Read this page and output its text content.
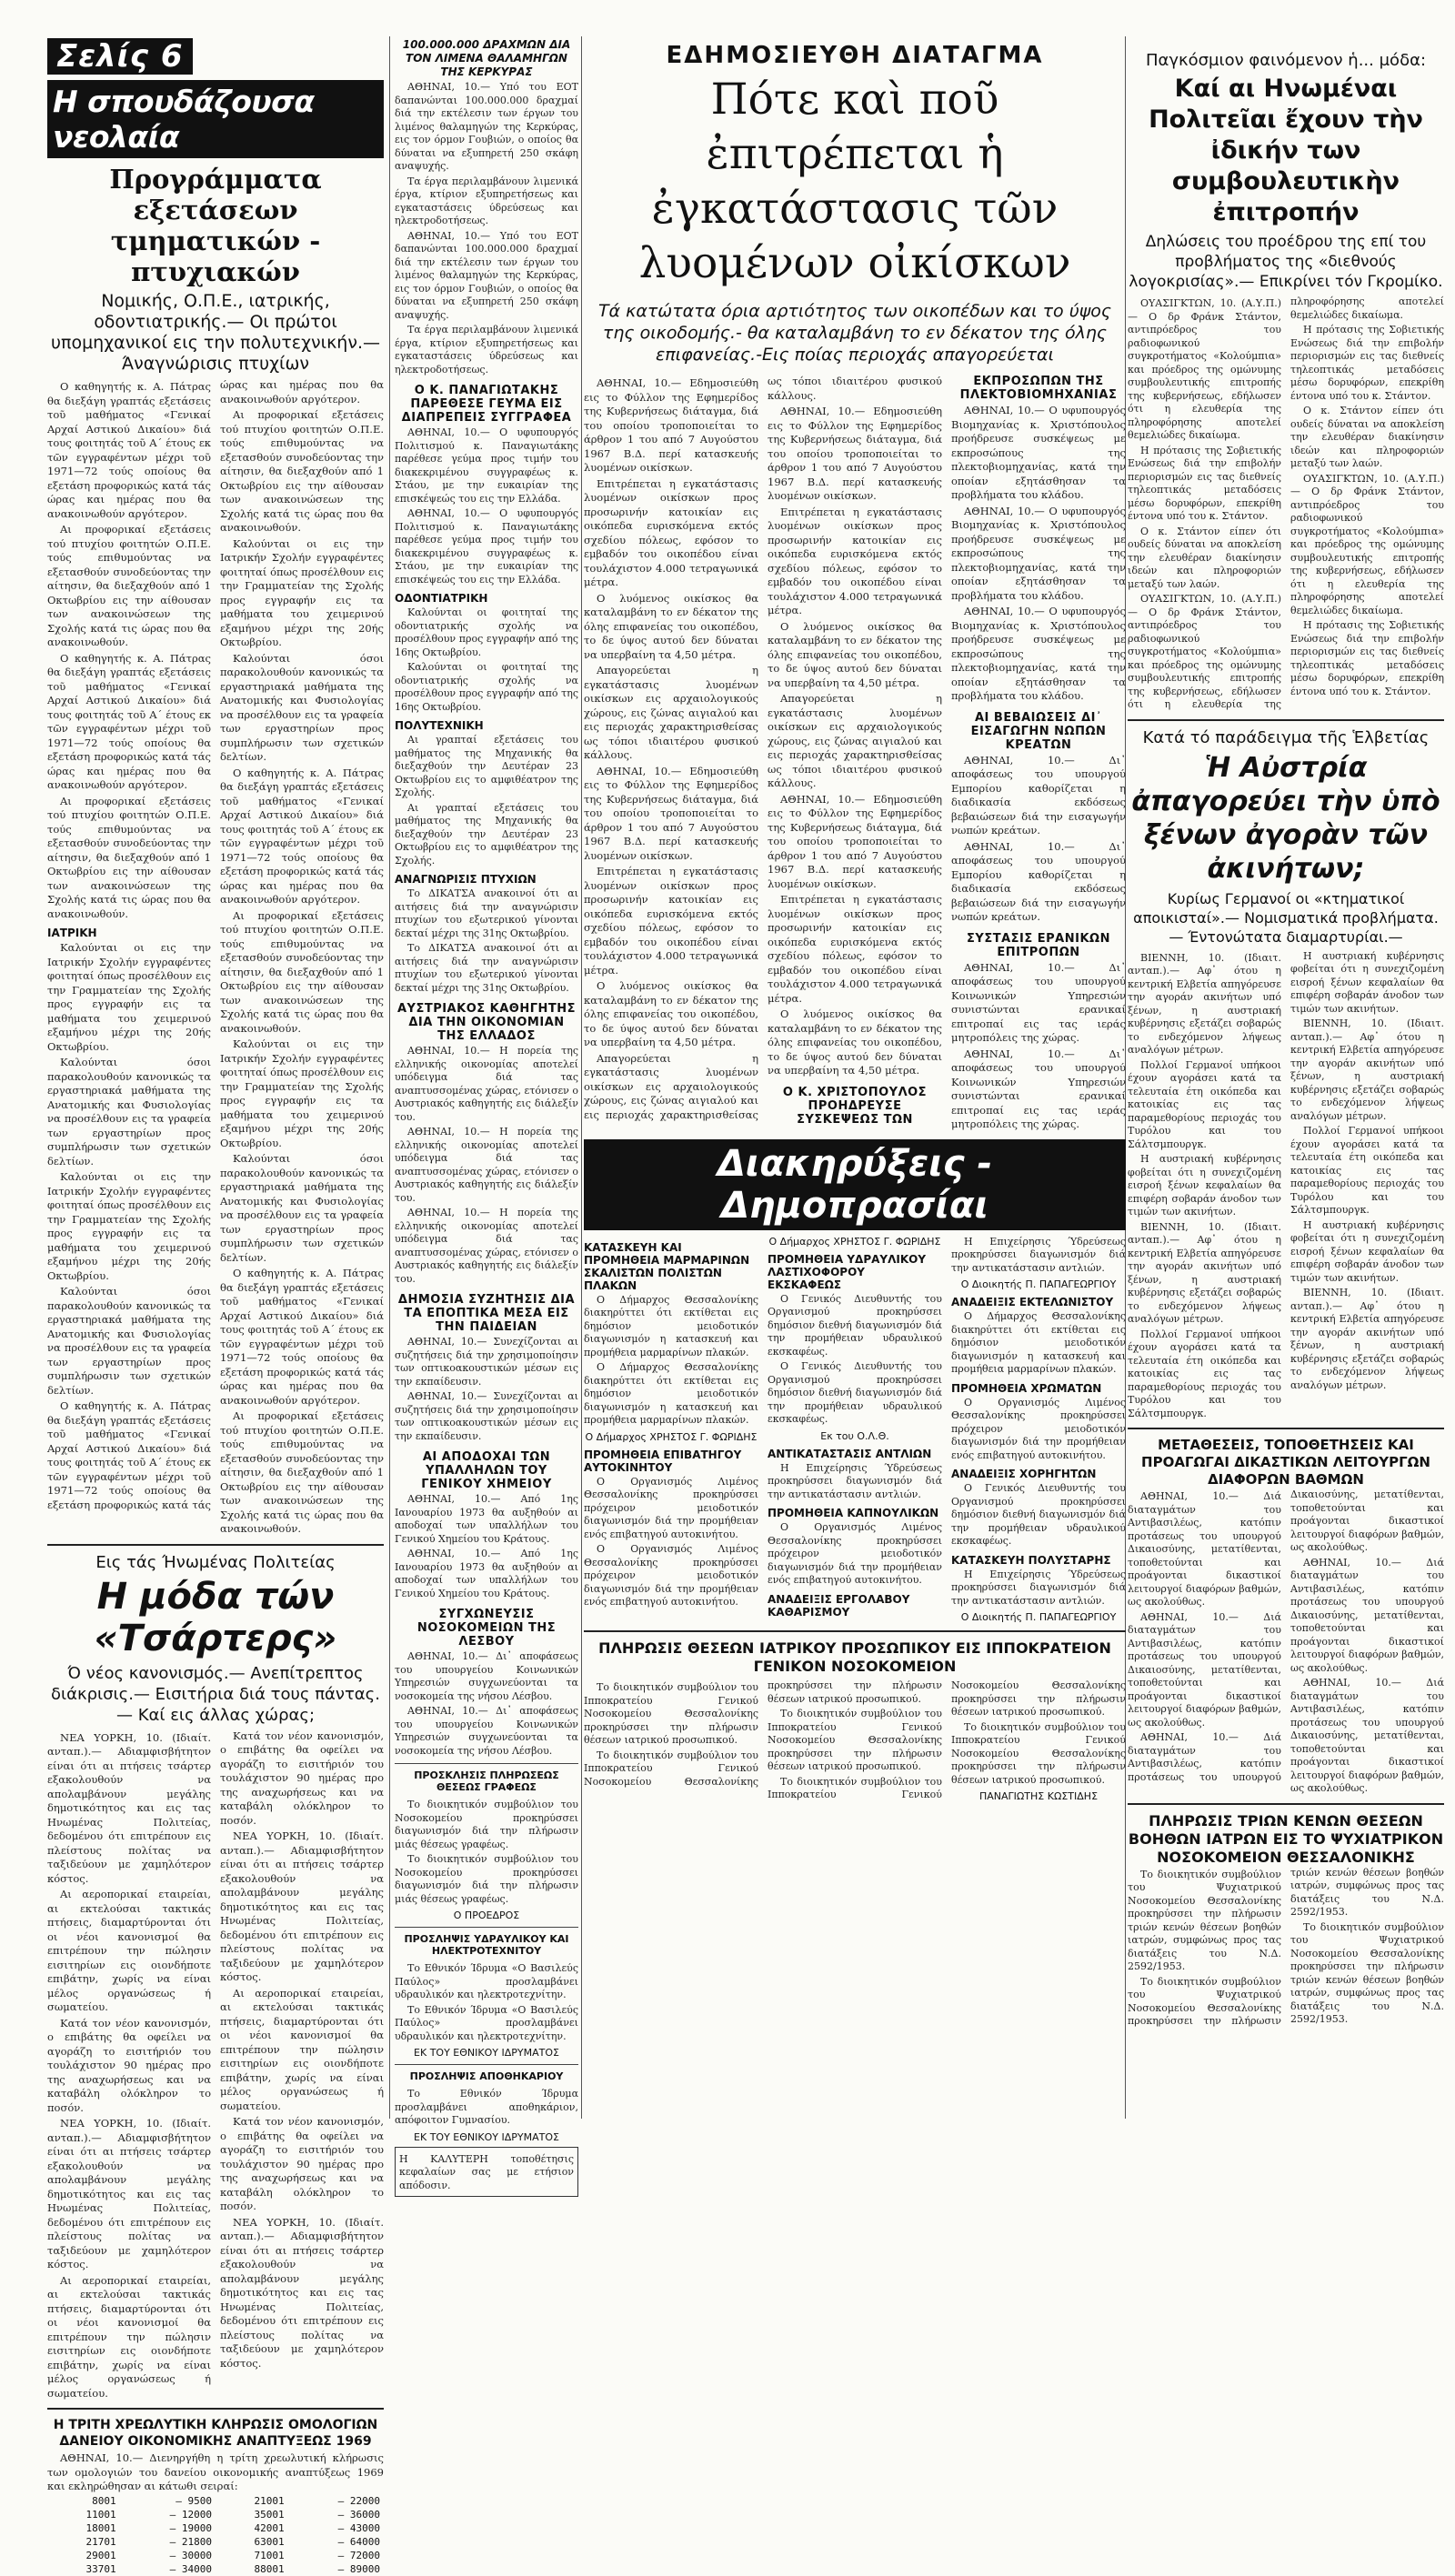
Σελίς 6
Η σπουδάζουσα νεολαία
Προγράμματα εξετάσεων τμηματικών - πτυχιακών

Νομικής, Ο.Π.Ε., ιατρικής, οδοντιατρικής.— Οι πρώτοι υπομηχανικοί εις την πολυτεχνικήν.— Άναγνώρισις πτυχίων

Ο καθηγητής κ. Α. Πάτρας θα διεξάγη γραπτάς εξετάσεις τοῦ μαθήματος «Γενικαί Αρχαί Αστικού Δικαίου» διά τους φοιτητάς τοῦ Α΄ έτους εκ τῶν εγγραφέντων μέχρι τοῦ 1971—72 τούς οποίους θα εξετάση προφορικώς κατά τάς ώρας και ημέρας που θα ανακοινωθούν αργότερον.

Αι προφορικαί εξετάσεις τού πτυχίου φοιτητών Ο.Π.Ε. τούς επιθυμούντας να εξετασθούν συνοδεύοντας την αίτησιν, θα διεξαχθούν από 1 Οκτωβρίου εις την αίθουσαν των ανακοινώσεων της Σχολής κατά τις ώρας που θα ανακοινωθούν.

Ο καθηγητής κ. Α. Πάτρας θα διεξάγη γραπτάς εξετάσεις τοῦ μαθήματος «Γενικαί Αρχαί Αστικού Δικαίου» διά τους φοιτητάς τοῦ Α΄ έτους εκ τῶν εγγραφέντων μέχρι τοῦ 1971—72 τούς οποίους θα εξετάση προφορικώς κατά τάς ώρας και ημέρας που θα ανακοινωθούν αργότερον.

Αι προφορικαί εξετάσεις τού πτυχίου φοιτητών Ο.Π.Ε. τούς επιθυμούντας να εξετασθούν συνοδεύοντας την αίτησιν, θα διεξαχθούν από 1 Οκτωβρίου εις την αίθουσαν των ανακοινώσεων της Σχολής κατά τις ώρας που θα ανακοινωθούν.

ΙΑΤΡΙΚΗ

Καλούνται οι εις την Ιατρικήν Σχολήν εγγραφέντες φοιτηταί όπως προσέλθουν εις την Γραμματείαν της Σχολής προς εγγραφήν εις τα μαθήματα του χειμερινού εξαμήνου μέχρι της 20ής Οκτωβρίου.

Καλούνται όσοι παρακολουθούν κανονικώς τα εργαστηριακά μαθήματα της Ανατομικής και Φυσιολογίας να προσέλθουν εις τα γραφεία των εργαστηρίων προς συμπλήρωσιν των σχετικών δελτίων.

Καλούνται οι εις την Ιατρικήν Σχολήν εγγραφέντες φοιτηταί όπως προσέλθουν εις την Γραμματείαν της Σχολής προς εγγραφήν εις τα μαθήματα του χειμερινού εξαμήνου μέχρι της 20ής Οκτωβρίου.

Καλούνται όσοι παρακολουθούν κανονικώς τα εργαστηριακά μαθήματα της Ανατομικής και Φυσιολογίας να προσέλθουν εις τα γραφεία των εργαστηρίων προς συμπλήρωσιν των σχετικών δελτίων.

Ο καθηγητής κ. Α. Πάτρας θα διεξάγη γραπτάς εξετάσεις τοῦ μαθήματος «Γενικαί Αρχαί Αστικού Δικαίου» διά τους φοιτητάς τοῦ Α΄ έτους εκ τῶν εγγραφέντων μέχρι τοῦ 1971—72 τούς οποίους θα εξετάση προφορικώς κατά τάς ώρας και ημέρας που θα ανακοινωθούν αργότερον.

Αι προφορικαί εξετάσεις τού πτυχίου φοιτητών Ο.Π.Ε. τούς επιθυμούντας να εξετασθούν συνοδεύοντας την αίτησιν, θα διεξαχθούν από 1 Οκτωβρίου εις την αίθουσαν των ανακοινώσεων της Σχολής κατά τις ώρας που θα ανακοινωθούν.

Καλούνται οι εις την Ιατρικήν Σχολήν εγγραφέντες φοιτηταί όπως προσέλθουν εις την Γραμματείαν της Σχολής προς εγγραφήν εις τα μαθήματα του χειμερινού εξαμήνου μέχρι της 20ής Οκτωβρίου.

Καλούνται όσοι παρακολουθούν κανονικώς τα εργαστηριακά μαθήματα της Ανατομικής και Φυσιολογίας να προσέλθουν εις τα γραφεία των εργαστηρίων προς συμπλήρωσιν των σχετικών δελτίων.

Ο καθηγητής κ. Α. Πάτρας θα διεξάγη γραπτάς εξετάσεις τοῦ μαθήματος «Γενικαί Αρχαί Αστικού Δικαίου» διά τους φοιτητάς τοῦ Α΄ έτους εκ τῶν εγγραφέντων μέχρι τοῦ 1971—72 τούς οποίους θα εξετάση προφορικώς κατά τάς ώρας και ημέρας που θα ανακοινωθούν αργότερον.

Αι προφορικαί εξετάσεις τού πτυχίου φοιτητών Ο.Π.Ε. τούς επιθυμούντας να εξετασθούν συνοδεύοντας την αίτησιν, θα διεξαχθούν από 1 Οκτωβρίου εις την αίθουσαν των ανακοινώσεων της Σχολής κατά τις ώρας που θα ανακοινωθούν.

Καλούνται οι εις την Ιατρικήν Σχολήν εγγραφέντες φοιτηταί όπως προσέλθουν εις την Γραμματείαν της Σχολής προς εγγραφήν εις τα μαθήματα του χειμερινού εξαμήνου μέχρι της 20ής Οκτωβρίου.

Καλούνται όσοι παρακολουθούν κανονικώς τα εργαστηριακά μαθήματα της Ανατομικής και Φυσιολογίας να προσέλθουν εις τα γραφεία των εργαστηρίων προς συμπλήρωσιν των σχετικών δελτίων.

Ο καθηγητής κ. Α. Πάτρας θα διεξάγη γραπτάς εξετάσεις τοῦ μαθήματος «Γενικαί Αρχαί Αστικού Δικαίου» διά τους φοιτητάς τοῦ Α΄ έτους εκ τῶν εγγραφέντων μέχρι τοῦ 1971—72 τούς οποίους θα εξετάση προφορικώς κατά τάς ώρας και ημέρας που θα ανακοινωθούν αργότερον.

Αι προφορικαί εξετάσεις τού πτυχίου φοιτητών Ο.Π.Ε. τούς επιθυμούντας να εξετασθούν συνοδεύοντας την αίτησιν, θα διεξαχθούν από 1 Οκτωβρίου εις την αίθουσαν των ανακοινώσεων της Σχολής κατά τις ώρας που θα ανακοινωθούν.

Εις τάς Ήνωμένας Πολιτείας

Η μόδα τών «Τσάρτερς»

Ό νέος κανονισμός.— Ανεπίτρεπτος διάκρισις.— Εισιτήρια διά τους πάντας.— Καί εις άλλας χώρας;

ΝΕΑ ΥΟΡΚΗ, 10. (Ιδιαίτ. ανταπ.).— Αδιαμφισβήτητον είναι ότι αι πτήσεις τσάρτερ εξακολουθούν να απολαμβάνουν μεγάλης δημοτικότητος και εις τας Ηνωμένας Πολιτείας, δεδομένου ότι επιτρέπουν εις πλείστους πολίτας να ταξιδεύουν με χαμηλότερον κόστος.

Αι αεροπορικαί εταιρείαι, αι εκτελούσαι τακτικάς πτήσεις, διαμαρτύρονται ότι οι νέοι κανονισμοί θα επιτρέπουν την πώλησιν εισιτηρίων εις οιονδήποτε επιβάτην, χωρίς να είναι μέλος οργανώσεως ή σωματείου.

Κατά τον νέον κανονισμόν, ο επιβάτης θα οφείλει να αγοράζη το εισιτήριόν του τουλάχιστον 90 ημέρας προ της αναχωρήσεως και να καταβάλη ολόκληρον το ποσόν.

ΝΕΑ ΥΟΡΚΗ, 10. (Ιδιαίτ. ανταπ.).— Αδιαμφισβήτητον είναι ότι αι πτήσεις τσάρτερ εξακολουθούν να απολαμβάνουν μεγάλης δημοτικότητος και εις τας Ηνωμένας Πολιτείας, δεδομένου ότι επιτρέπουν εις πλείστους πολίτας να ταξιδεύουν με χαμηλότερον κόστος.

Αι αεροπορικαί εταιρείαι, αι εκτελούσαι τακτικάς πτήσεις, διαμαρτύρονται ότι οι νέοι κανονισμοί θα επιτρέπουν την πώλησιν εισιτηρίων εις οιονδήποτε επιβάτην, χωρίς να είναι μέλος οργανώσεως ή σωματείου.

Κατά τον νέον κανονισμόν, ο επιβάτης θα οφείλει να αγοράζη το εισιτήριόν του τουλάχιστον 90 ημέρας προ της αναχωρήσεως και να καταβάλη ολόκληρον το ποσόν.

ΝΕΑ ΥΟΡΚΗ, 10. (Ιδιαίτ. ανταπ.).— Αδιαμφισβήτητον είναι ότι αι πτήσεις τσάρτερ εξακολουθούν να απολαμβάνουν μεγάλης δημοτικότητος και εις τας Ηνωμένας Πολιτείας, δεδομένου ότι επιτρέπουν εις πλείστους πολίτας να ταξιδεύουν με χαμηλότερον κόστος.

Αι αεροπορικαί εταιρείαι, αι εκτελούσαι τακτικάς πτήσεις, διαμαρτύρονται ότι οι νέοι κανονισμοί θα επιτρέπουν την πώλησιν εισιτηρίων εις οιονδήποτε επιβάτην, χωρίς να είναι μέλος οργανώσεως ή σωματείου.

Κατά τον νέον κανονισμόν, ο επιβάτης θα οφείλει να αγοράζη το εισιτήριόν του τουλάχιστον 90 ημέρας προ της αναχωρήσεως και να καταβάλη ολόκληρον το ποσόν.

ΝΕΑ ΥΟΡΚΗ, 10. (Ιδιαίτ. ανταπ.).— Αδιαμφισβήτητον είναι ότι αι πτήσεις τσάρτερ εξακολουθούν να απολαμβάνουν μεγάλης δημοτικότητος και εις τας Ηνωμένας Πολιτείας, δεδομένου ότι επιτρέπουν εις πλείστους πολίτας να ταξιδεύουν με χαμηλότερον κόστος.

Η ΤΡΙΤΗ ΧΡΕΩΛΥΤΙΚΗ ΚΛΗΡΩΣΙΣ ΟΜΟΛΟΓΙΩΝ ΔΑΝΕΙΟΥ ΟΙΚΟΝΟΜΙΚΗΣ ΑΝΑΠΤΥΞΕΩΣ 1969

ΑΘΗΝΑΙ, 10.— Διενηργήθη η τρίτη χρεωλυτική κλήρωσις των ομολογιών του δανείου οικονομικής αναπτύξεως 1969 και εκληρώθησαν αι κάτωθι σειραί:

8001	— 9500	21001	— 22000
11001	— 12000	35001	— 36000
18001	— 19000	42001	— 43000
21701	— 21800	63001	— 64000
29001	— 30000	71001	— 72000
33701	— 34000	88001	— 89000
100.000.000 ΔΡΑΧΜΩΝ ΔΙΑ ΤΟΝ ΛΙΜΕΝΑ ΘΑΛΑΜΗΓΩΝ ΤΗΣ ΚΕΡΚΥΡΑΣ

ΑΘΗΝΑΙ, 10.— Υπό του ΕΟΤ δαπανώνται 100.000.000 δραχμαί διά την εκτέλεσιν των έργων του λιμένος θαλαμηγών της Κερκύρας, εις τον όρμον Γουβιών, ο οποίος θα δύναται να εξυπηρετή 250 σκάφη αναψυχής.

Τα έργα περιλαμβάνουν λιμενικά έργα, κτίριον εξυπηρετήσεως και εγκαταστάσεις ύδρεύσεως και ηλεκτροδοτήσεως.

ΑΘΗΝΑΙ, 10.— Υπό του ΕΟΤ δαπανώνται 100.000.000 δραχμαί διά την εκτέλεσιν των έργων του λιμένος θαλαμηγών της Κερκύρας, εις τον όρμον Γουβιών, ο οποίος θα δύναται να εξυπηρετή 250 σκάφη αναψυχής.

Τα έργα περιλαμβάνουν λιμενικά έργα, κτίριον εξυπηρετήσεως και εγκαταστάσεις ύδρεύσεως και ηλεκτροδοτήσεως.

Ο Κ. ΠΑΝΑΓΙΩΤΑΚΗΣ ΠΑΡΕΘΕΣΕ ΓΕΥΜΑ ΕΙΣ ΔΙΑΠΡΕΠΕΙΣ ΣΥΓΓΡΑΦΕΑ

ΑΘΗΝΑΙ, 10.— Ο υφυπουργός Πολιτισμού κ. Παναγιωτάκης παρέθεσε γεύμα προς τιμήν του διακεκριμένου συγγραφέως κ. Στάου, με την ευκαιρίαν της επισκέψεώς του εις την Ελλάδα.

ΑΘΗΝΑΙ, 10.— Ο υφυπουργός Πολιτισμού κ. Παναγιωτάκης παρέθεσε γεύμα προς τιμήν του διακεκριμένου συγγραφέως κ. Στάου, με την ευκαιρίαν της επισκέψεώς του εις την Ελλάδα.

ΟΔΟΝΤΙΑΤΡΙΚΗ

Καλούνται οι φοιτηταί της οδοντιατρικής σχολής να προσέλθουν προς εγγραφήν από της 16ης Οκτωβρίου.

Καλούνται οι φοιτηταί της οδοντιατρικής σχολής να προσέλθουν προς εγγραφήν από της 16ης Οκτωβρίου.

ΠΟΛΥΤΕΧΝΙΚΗ

Αι γραπταί εξετάσεις του μαθήματος της Μηχανικής θα διεξαχθούν την Δευτέραν 23 Οκτωβρίου εις το αμφιθέατρον της Σχολής.

Αι γραπταί εξετάσεις του μαθήματος της Μηχανικής θα διεξαχθούν την Δευτέραν 23 Οκτωβρίου εις το αμφιθέατρον της Σχολής.

ΑΝΑΓΝΩΡΙΣΙΣ ΠΤΥΧΙΩΝ

Το ΔΙΚΑΤΣΑ ανακοινοί ότι αι αιτήσεις διά την αναγνώρισιν πτυχίων του εξωτερικού γίνονται δεκταί μέχρι της 31ης Οκτωβρίου.

Το ΔΙΚΑΤΣΑ ανακοινοί ότι αι αιτήσεις διά την αναγνώρισιν πτυχίων του εξωτερικού γίνονται δεκταί μέχρι της 31ης Οκτωβρίου.

ΑΥΣΤΡΙΑΚΟΣ ΚΑΘΗΓΗΤΗΣ ΔΙΑ ΤΗΝ ΟΙΚΟΝΟΜΙΑΝ ΤΗΣ ΕΛΛΑΔΟΣ

ΑΘΗΝΑΙ, 10.— Η πορεία της ελληνικής οικονομίας αποτελεί υπόδειγμα διά τας αναπτυσσομένας χώρας, ετόνισεν ο Αυστριακός καθηγητής εις διάλεξίν του.

ΑΘΗΝΑΙ, 10.— Η πορεία της ελληνικής οικονομίας αποτελεί υπόδειγμα διά τας αναπτυσσομένας χώρας, ετόνισεν ο Αυστριακός καθηγητής εις διάλεξίν του.

ΑΘΗΝΑΙ, 10.— Η πορεία της ελληνικής οικονομίας αποτελεί υπόδειγμα διά τας αναπτυσσομένας χώρας, ετόνισεν ο Αυστριακός καθηγητής εις διάλεξίν του.

ΔΗΜΟΣΙΑ ΣΥΖΗΤΗΣΙΣ ΔΙΑ ΤΑ ΕΠΟΠΤΙΚΑ ΜΕΣΑ ΕΙΣ ΤΗΝ ΠΑΙΔΕΙΑΝ

ΑΘΗΝΑΙ, 10.— Συνεχίζονται αι συζητήσεις διά την χρησιμοποίησιν των οπτικοακουστικών μέσων εις την εκπαίδευσιν.

ΑΘΗΝΑΙ, 10.— Συνεχίζονται αι συζητήσεις διά την χρησιμοποίησιν των οπτικοακουστικών μέσων εις την εκπαίδευσιν.

ΑΙ ΑΠΟΔΟΧΑΙ ΤΩΝ ΥΠΑΛΛΗΛΩΝ ΤΟΥ ΓΕΝΙΚΟΥ ΧΗΜΕΙΟΥ

ΑΘΗΝΑΙ, 10.— Από 1ης Ιανουαρίου 1973 θα αυξηθούν αι αποδοχαί των υπαλλήλων του Γενικού Χημείου του Κράτους.

ΑΘΗΝΑΙ, 10.— Από 1ης Ιανουαρίου 1973 θα αυξηθούν αι αποδοχαί των υπαλλήλων του Γενικού Χημείου του Κράτους.

ΣΥΓΧΩΝΕΥΣΙΣ ΝΟΣΟΚΟΜΕΙΩΝ ΤΗΣ ΛΕΣΒΟΥ

ΑΘΗΝΑΙ, 10.— Δι᾿ αποφάσεως του υπουργείου Κοινωνικών Υπηρεσιών συγχωνεύονται τα νοσοκομεία της νήσου Λέσβου.

ΑΘΗΝΑΙ, 10.— Δι᾿ αποφάσεως του υπουργείου Κοινωνικών Υπηρεσιών συγχωνεύονται τα νοσοκομεία της νήσου Λέσβου.

ΠΡΟΣΚΛΗΣΙΣ ΠΛΗΡΩΣΕΩΣ ΘΕΣΕΩΣ ΓΡΑΦΕΩΣ

Το διοικητικόν συμβούλιον του Νοσοκομείου προκηρύσσει διαγωνισμόν διά την πλήρωσιν μιάς θέσεως γραφέως.

Το διοικητικόν συμβούλιον του Νοσοκομείου προκηρύσσει διαγωνισμόν διά την πλήρωσιν μιάς θέσεως γραφέως.

Ο ΠΡΟΕΔΡΟΣ

ΠΡΟΣΛΗΨΙΣ ΥΔΡΑΥΛΙΚΟΥ ΚΑΙ ΗΛΕΚΤΡΟΤΕΧΝΙΤΟΥ

Το Εθνικόν Ίδρυμα «Ο Βασιλεύς Παύλος» προσλαμβάνει υδραυλικόν και ηλεκτροτεχνίτην.

Το Εθνικόν Ίδρυμα «Ο Βασιλεύς Παύλος» προσλαμβάνει υδραυλικόν και ηλεκτροτεχνίτην.

ΕΚ ΤΟΥ ΕΘΝΙΚΟΥ ΙΔΡΥΜΑΤΟΣ

ΠΡΟΣΛΗΨΙΣ ΑΠΟΘΗΚΑΡΙΟΥ

Το Εθνικόν Ίδρυμα προσλαμβάνει αποθηκάριον, απόφοιτον Γυμνασίου.

ΕΚ ΤΟΥ ΕΘΝΙΚΟΥ ΙΔΡΥΜΑΤΟΣ

Η ΚΑΛΥΤΕΡΗ τοποθέτησις κεφαλαίων σας με ετήσιον απόδοσιν.

ΕΔΗΜΟΣΙΕΥΘΗ ΔΙΑΤΑΓΜΑ

Πότε καὶ ποῦ ἐπιτρέπεται ἡ ἐγκατάστασις τῶν λυομένων οἰκίσκων

Τά κατώτατα όρια αρτιότητος των οικοπέδων και το ύψος της οικοδομής.- θα καταλαμβάνη το εν δέκατον της όλης επιφανείας.-Εις ποίας περιοχάς απαγορεύεται

ΑΘΗΝΑΙ, 10.— Εδημοσιεύθη εις το Φύλλον της Εφημερίδος της Κυβερνήσεως διάταγμα, διά του οποίου τροποποιείται το άρθρον 1 του από 7 Αυγούστου 1967 Β.Δ. περί κατασκευής λυομένων οικίσκων.

Επιτρέπεται η εγκατάστασις λυομένων οικίσκων προς προσωρινήν κατοικίαν εις οικόπεδα ευρισκόμενα εκτός σχεδίου πόλεως, εφόσον το εμβαδόν του οικοπέδου είναι τουλάχιστον 4.000 τετραγωνικά μέτρα.

Ο λυόμενος οικίσκος θα καταλαμβάνη το εν δέκατον της όλης επιφανείας του οικοπέδου, το δε ύψος αυτού δεν δύναται να υπερβαίνη τα 4,50 μέτρα.

Απαγορεύεται η εγκατάστασις λυομένων οικίσκων εις αρχαιολογικούς χώρους, εις ζώνας αιγιαλού και εις περιοχάς χαρακτηρισθείσας ως τόποι ιδιαιτέρου φυσικού κάλλους.

ΑΘΗΝΑΙ, 10.— Εδημοσιεύθη εις το Φύλλον της Εφημερίδος της Κυβερνήσεως διάταγμα, διά του οποίου τροποποιείται το άρθρον 1 του από 7 Αυγούστου 1967 Β.Δ. περί κατασκευής λυομένων οικίσκων.

Επιτρέπεται η εγκατάστασις λυομένων οικίσκων προς προσωρινήν κατοικίαν εις οικόπεδα ευρισκόμενα εκτός σχεδίου πόλεως, εφόσον το εμβαδόν του οικοπέδου είναι τουλάχιστον 4.000 τετραγωνικά μέτρα.

Ο λυόμενος οικίσκος θα καταλαμβάνη το εν δέκατον της όλης επιφανείας του οικοπέδου, το δε ύψος αυτού δεν δύναται να υπερβαίνη τα 4,50 μέτρα.

Απαγορεύεται η εγκατάστασις λυομένων οικίσκων εις αρχαιολογικούς χώρους, εις ζώνας αιγιαλού και εις περιοχάς χαρακτηρισθείσας ως τόποι ιδιαιτέρου φυσικού κάλλους.

ΑΘΗΝΑΙ, 10.— Εδημοσιεύθη εις το Φύλλον της Εφημερίδος της Κυβερνήσεως διάταγμα, διά του οποίου τροποποιείται το άρθρον 1 του από 7 Αυγούστου 1967 Β.Δ. περί κατασκευής λυομένων οικίσκων.

Επιτρέπεται η εγκατάστασις λυομένων οικίσκων προς προσωρινήν κατοικίαν εις οικόπεδα ευρισκόμενα εκτός σχεδίου πόλεως, εφόσον το εμβαδόν του οικοπέδου είναι τουλάχιστον 4.000 τετραγωνικά μέτρα.

Ο λυόμενος οικίσκος θα καταλαμβάνη το εν δέκατον της όλης επιφανείας του οικοπέδου, το δε ύψος αυτού δεν δύναται να υπερβαίνη τα 4,50 μέτρα.

Απαγορεύεται η εγκατάστασις λυομένων οικίσκων εις αρχαιολογικούς χώρους, εις ζώνας αιγιαλού και εις περιοχάς χαρακτηρισθείσας ως τόποι ιδιαιτέρου φυσικού κάλλους.

ΑΘΗΝΑΙ, 10.— Εδημοσιεύθη εις το Φύλλον της Εφημερίδος της Κυβερνήσεως διάταγμα, διά του οποίου τροποποιείται το άρθρον 1 του από 7 Αυγούστου 1967 Β.Δ. περί κατασκευής λυομένων οικίσκων.

Επιτρέπεται η εγκατάστασις λυομένων οικίσκων προς προσωρινήν κατοικίαν εις οικόπεδα ευρισκόμενα εκτός σχεδίου πόλεως, εφόσον το εμβαδόν του οικοπέδου είναι τουλάχιστον 4.000 τετραγωνικά μέτρα.

Ο λυόμενος οικίσκος θα καταλαμβάνη το εν δέκατον της όλης επιφανείας του οικοπέδου, το δε ύψος αυτού δεν δύναται να υπερβαίνη τα 4,50 μέτρα.

Ο Κ. ΧΡΙΣΤΟΠΟΥΛΟΣ ΠΡΟΗΔΡΕΥΣΕ ΣΥΣΚΕΨΕΩΣ ΤΩΝ ΕΚΠΡΟΣΩΠΩΝ ΤΗΣ ΠΛΕΚΤΟΒΙΟΜΗΧΑΝΙΑΣ

ΑΘΗΝΑΙ, 10.— Ο υφυπουργός Βιομηχανίας κ. Χριστόπουλος προήδρευσε συσκέψεως με εκπροσώπους της πλεκτοβιομηχανίας, κατά την οποίαν εξητάσθησαν τα προβλήματα του κλάδου.

ΑΘΗΝΑΙ, 10.— Ο υφυπουργός Βιομηχανίας κ. Χριστόπουλος προήδρευσε συσκέψεως με εκπροσώπους της πλεκτοβιομηχανίας, κατά την οποίαν εξητάσθησαν τα προβλήματα του κλάδου.

ΑΘΗΝΑΙ, 10.— Ο υφυπουργός Βιομηχανίας κ. Χριστόπουλος προήδρευσε συσκέψεως με εκπροσώπους της πλεκτοβιομηχανίας, κατά την οποίαν εξητάσθησαν τα προβλήματα του κλάδου.

ΑΙ ΒΕΒΑΙΩΣΕΙΣ ΔΙ᾿ ΕΙΣΑΓΩΓΗΝ ΝΩΠΩΝ ΚΡΕΑΤΩΝ

ΑΘΗΝΑΙ, 10.— Δι᾿ αποφάσεως του υπουργού Εμπορίου καθορίζεται η διαδικασία εκδόσεως βεβαιώσεων διά την εισαγωγήν νωπών κρεάτων.

ΑΘΗΝΑΙ, 10.— Δι᾿ αποφάσεως του υπουργού Εμπορίου καθορίζεται η διαδικασία εκδόσεως βεβαιώσεων διά την εισαγωγήν νωπών κρεάτων.

ΣΥΣΤΑΣΙΣ ΕΡΑΝΙΚΩΝ ΕΠΙΤΡΟΠΩΝ

ΑΘΗΝΑΙ, 10.— Δι᾿ αποφάσεως του υπουργού Κοινωνικών Υπηρεσιών συνιστώνται ερανικαί επιτροπαί εις τας ιεράς μητροπόλεις της χώρας.

ΑΘΗΝΑΙ, 10.— Δι᾿ αποφάσεως του υπουργού Κοινωνικών Υπηρεσιών συνιστώνται ερανικαί επιτροπαί εις τας ιεράς μητροπόλεις της χώρας.

Διακηρύξεις - Δημοπρασίαι

ΚΑΤΑΣΚΕΥΗ ΚΑΙ ΠΡΟΜΗΘΕΙΑ ΜΑΡΜΑΡΙΝΩΝ ΣΚΑΛΙΣΤΩΝ ΠΟΛΙΣΤΩΝ ΠΛΑΚΩΝ

Ο Δήμαρχος Θεσσαλονίκης διακηρύττει ότι εκτίθεται εις δημόσιον μειοδοτικόν διαγωνισμόν η κατασκευή και προμήθεια μαρμαρίνων πλακών.

Ο Δήμαρχος Θεσσαλονίκης διακηρύττει ότι εκτίθεται εις δημόσιον μειοδοτικόν διαγωνισμόν η κατασκευή και προμήθεια μαρμαρίνων πλακών.

Ο Δήμαρχος ΧΡΗΣΤΟΣ Γ. ΦΩΡΙΔΗΣ

ΠΡΟΜΗΘΕΙΑ ΕΠΙΒΑΤΗΓΟΥ ΑΥΤΟΚΙΝΗΤΟΥ

Ο Οργανισμός Λιμένος Θεσσαλονίκης προκηρύσσει πρόχειρον μειοδοτικόν διαγωνισμόν διά την προμήθειαν ενός επιβατηγού αυτοκινήτου.

Ο Οργανισμός Λιμένος Θεσσαλονίκης προκηρύσσει πρόχειρον μειοδοτικόν διαγωνισμόν διά την προμήθειαν ενός επιβατηγού αυτοκινήτου.

Ο Δήμαρχος ΧΡΗΣΤΟΣ Γ. ΦΩΡΙΔΗΣ

ΠΡΟΜΗΘΕΙΑ ΥΔΡΑΥΛΙΚΟΥ ΛΑΣΤΙΧΟΦΟΡΟΥ ΕΚΣΚΑΦΕΩΣ

Ο Γενικός Διευθυντής του Οργανισμού προκηρύσσει δημόσιον διεθνή διαγωνισμόν διά την προμήθειαν υδραυλικού εκσκαφέως.

Ο Γενικός Διευθυντής του Οργανισμού προκηρύσσει δημόσιον διεθνή διαγωνισμόν διά την προμήθειαν υδραυλικού εκσκαφέως.

Εκ του Ο.Λ.Θ.

ΑΝΤΙΚΑΤΑΣΤΑΣΙΣ ΑΝΤΛΙΩΝ

Η Επιχείρησις Ύδρεύσεως προκηρύσσει διαγωνισμόν διά την αντικατάστασιν αντλιών.

ΠΡΟΜΗΘΕΙΑ ΚΑΠΝΟΥΛΙΚΩΝ

Ο Οργανισμός Λιμένος Θεσσαλονίκης προκηρύσσει πρόχειρον μειοδοτικόν διαγωνισμόν διά την προμήθειαν ενός επιβατηγού αυτοκινήτου.

ΑΝΑΔΕΙΞΙΣ ΕΡΓΟΛΑΒΟΥ ΚΑΘΑΡΙΣΜΟΥ

Η Επιχείρησις Ύδρεύσεως προκηρύσσει διαγωνισμόν διά την αντικατάστασιν αντλιών.

Ο Διοικητής Π. ΠΑΠΑΓΕΩΡΓΙΟΥ

ΑΝΑΔΕΙΞΙΣ ΕΚΤΕΛΩΝΙΣΤΟΥ

Ο Δήμαρχος Θεσσαλονίκης διακηρύττει ότι εκτίθεται εις δημόσιον μειοδοτικόν διαγωνισμόν η κατασκευή και προμήθεια μαρμαρίνων πλακών.

ΠΡΟΜΗΘΕΙΑ ΧΡΩΜΑΤΩΝ

Ο Οργανισμός Λιμένος Θεσσαλονίκης προκηρύσσει πρόχειρον μειοδοτικόν διαγωνισμόν διά την προμήθειαν ενός επιβατηγού αυτοκινήτου.

ΑΝΑΔΕΙΞΙΣ ΧΟΡΗΓΗΤΩΝ

Ο Γενικός Διευθυντής του Οργανισμού προκηρύσσει δημόσιον διεθνή διαγωνισμόν διά την προμήθειαν υδραυλικού εκσκαφέως.

ΚΑΤΑΣΚΕΥΗ ΠΟΛΥΣΤΑΡΗΣ

Η Επιχείρησις Ύδρεύσεως προκηρύσσει διαγωνισμόν διά την αντικατάστασιν αντλιών.

Ο Διοικητής Π. ΠΑΠΑΓΕΩΡΓΙΟΥ

ΠΛΗΡΩΣΙΣ ΘΕΣΕΩΝ ΙΑΤΡΙΚΟΥ ΠΡΟΣΩΠΙΚΟΥ ΕΙΣ ΙΠΠΟΚΡΑΤΕΙΟΝ ΓΕΝΙΚΟΝ ΝΟΣΟΚΟΜΕΙΟΝ

Το διοικητικόν συμβούλιον του Ιπποκρατείου Γενικού Νοσοκομείου Θεσσαλονίκης προκηρύσσει την πλήρωσιν θέσεων ιατρικού προσωπικού.

Το διοικητικόν συμβούλιον του Ιπποκρατείου Γενικού Νοσοκομείου Θεσσαλονίκης προκηρύσσει την πλήρωσιν θέσεων ιατρικού προσωπικού.

Το διοικητικόν συμβούλιον του Ιπποκρατείου Γενικού Νοσοκομείου Θεσσαλονίκης προκηρύσσει την πλήρωσιν θέσεων ιατρικού προσωπικού.

Το διοικητικόν συμβούλιον του Ιπποκρατείου Γενικού Νοσοκομείου Θεσσαλονίκης προκηρύσσει την πλήρωσιν θέσεων ιατρικού προσωπικού.

Το διοικητικόν συμβούλιον του Ιπποκρατείου Γενικού Νοσοκομείου Θεσσαλονίκης προκηρύσσει την πλήρωσιν θέσεων ιατρικού προσωπικού.

ΠΑΝΑΓΙΩΤΗΣ ΚΩΣΤΙΔΗΣ

Παγκόσμιον φαινόμενον ἡ... μόδα:

Καί αι Ηνωμέναι Πολιτεῖαι ἔχουν τὴν ἰδικήν των συμβουλευτικὴν ἐπιτροπήν

Δηλώσεις του προέδρου της επί του προβλήματος της «διεθνούς λογοκρισίας».— Επικρίνει τόν Γκρομίκο.

ΟΥΑΣΙΓΚΤΩΝ, 10. (Α.Υ.Π.)— Ο δρ Φράνκ Στάντον, αντιπρόεδρος του ραδιοφωνικού συγκροτήματος «Κολούμπια» και πρόεδρος της ομώνυμης συμβουλευτικής επιτροπής της κυβερνήσεως, εδήλωσεν ότι η ελευθερία της πληροφόρησης αποτελεί θεμελιώδες δικαίωμα.

Η πρότασις της Σοβιετικής Ενώσεως διά την επιβολήν περιορισμών εις τας διεθνείς τηλεοπτικάς μεταδόσεις μέσω δορυφόρων, επεκρίθη έντονα υπό του κ. Στάντον.

Ο κ. Στάντον είπεν ότι ουδείς δύναται να αποκλείση την ελευθέραν διακίνησιν ιδεών και πληροφοριών μεταξύ των λαών.

ΟΥΑΣΙΓΚΤΩΝ, 10. (Α.Υ.Π.)— Ο δρ Φράνκ Στάντον, αντιπρόεδρος του ραδιοφωνικού συγκροτήματος «Κολούμπια» και πρόεδρος της ομώνυμης συμβουλευτικής επιτροπής της κυβερνήσεως, εδήλωσεν ότι η ελευθερία της πληροφόρησης αποτελεί θεμελιώδες δικαίωμα.

Η πρότασις της Σοβιετικής Ενώσεως διά την επιβολήν περιορισμών εις τας διεθνείς τηλεοπτικάς μεταδόσεις μέσω δορυφόρων, επεκρίθη έντονα υπό του κ. Στάντον.

Ο κ. Στάντον είπεν ότι ουδείς δύναται να αποκλείση την ελευθέραν διακίνησιν ιδεών και πληροφοριών μεταξύ των λαών.

ΟΥΑΣΙΓΚΤΩΝ, 10. (Α.Υ.Π.)— Ο δρ Φράνκ Στάντον, αντιπρόεδρος του ραδιοφωνικού συγκροτήματος «Κολούμπια» και πρόεδρος της ομώνυμης συμβουλευτικής επιτροπής της κυβερνήσεως, εδήλωσεν ότι η ελευθερία της πληροφόρησης αποτελεί θεμελιώδες δικαίωμα.

Η πρότασις της Σοβιετικής Ενώσεως διά την επιβολήν περιορισμών εις τας διεθνείς τηλεοπτικάς μεταδόσεις μέσω δορυφόρων, επεκρίθη έντονα υπό του κ. Στάντον.

Κατά τό παράδειγμα τῆς Ἑλβετίας

Ἡ Αὐστρία ἀπαγορεύει τὴν ὑπὸ ξένων ἀγορὰν τῶν ἀκινήτων;

Κυρίως Γερμανοί οι «κτηματικοί αποικισταί».— Νομισματικά προβλήματα.— Έντονώτατα διαμαρτυρίαι.—

ΒΙΕΝΝΗ, 10. (Ιδιαιτ. ανταπ.).— Αφ᾿ ότου η κεντρική Ελβετία απηγόρευσε την αγοράν ακινήτων υπό ξένων, η αυστριακή κυβέρνησις εξετάζει σοβαρώς το ενδεχόμενον λήψεως αναλόγων μέτρων.

Πολλοί Γερμανοί υπήκοοι έχουν αγοράσει κατά τα τελευταία έτη οικόπεδα και κατοικίας εις τας παραμεθορίους περιοχάς του Τυρόλου και του Σάλτσμπουργκ.

Η αυστριακή κυβέρνησις φοβείται ότι η συνεχιζομένη εισροή ξένων κεφαλαίων θα επιφέρη σοβαράν άνοδον των τιμών των ακινήτων.

ΒΙΕΝΝΗ, 10. (Ιδιαιτ. ανταπ.).— Αφ᾿ ότου η κεντρική Ελβετία απηγόρευσε την αγοράν ακινήτων υπό ξένων, η αυστριακή κυβέρνησις εξετάζει σοβαρώς το ενδεχόμενον λήψεως αναλόγων μέτρων.

Πολλοί Γερμανοί υπήκοοι έχουν αγοράσει κατά τα τελευταία έτη οικόπεδα και κατοικίας εις τας παραμεθορίους περιοχάς του Τυρόλου και του Σάλτσμπουργκ.

Η αυστριακή κυβέρνησις φοβείται ότι η συνεχιζομένη εισροή ξένων κεφαλαίων θα επιφέρη σοβαράν άνοδον των τιμών των ακινήτων.

ΒΙΕΝΝΗ, 10. (Ιδιαιτ. ανταπ.).— Αφ᾿ ότου η κεντρική Ελβετία απηγόρευσε την αγοράν ακινήτων υπό ξένων, η αυστριακή κυβέρνησις εξετάζει σοβαρώς το ενδεχόμενον λήψεως αναλόγων μέτρων.

Πολλοί Γερμανοί υπήκοοι έχουν αγοράσει κατά τα τελευταία έτη οικόπεδα και κατοικίας εις τας παραμεθορίους περιοχάς του Τυρόλου και του Σάλτσμπουργκ.

Η αυστριακή κυβέρνησις φοβείται ότι η συνεχιζομένη εισροή ξένων κεφαλαίων θα επιφέρη σοβαράν άνοδον των τιμών των ακινήτων.

ΒΙΕΝΝΗ, 10. (Ιδιαιτ. ανταπ.).— Αφ᾿ ότου η κεντρική Ελβετία απηγόρευσε την αγοράν ακινήτων υπό ξένων, η αυστριακή κυβέρνησις εξετάζει σοβαρώς το ενδεχόμενον λήψεως αναλόγων μέτρων.

ΜΕΤΑΘΕΣΕΙΣ, ΤΟΠΟΘΕΤΗΣΕΙΣ ΚΑΙ ΠΡΟΑΓΩΓΑΙ ΔΙΚΑΣΤΙΚΩΝ ΛΕΙΤΟΥΡΓΩΝ ΔΙΑΦΟΡΩΝ ΒΑΘΜΩΝ

ΑΘΗΝΑΙ, 10.— Διά διαταγμάτων του Αντιβασιλέως, κατόπιν προτάσεως του υπουργού Δικαιοσύνης, μετατίθενται, τοποθετούνται και προάγονται δικαστικοί λειτουργοί διαφόρων βαθμών, ως ακολούθως.

ΑΘΗΝΑΙ, 10.— Διά διαταγμάτων του Αντιβασιλέως, κατόπιν προτάσεως του υπουργού Δικαιοσύνης, μετατίθενται, τοποθετούνται και προάγονται δικαστικοί λειτουργοί διαφόρων βαθμών, ως ακολούθως.

ΑΘΗΝΑΙ, 10.— Διά διαταγμάτων του Αντιβασιλέως, κατόπιν προτάσεως του υπουργού Δικαιοσύνης, μετατίθενται, τοποθετούνται και προάγονται δικαστικοί λειτουργοί διαφόρων βαθμών, ως ακολούθως.

ΑΘΗΝΑΙ, 10.— Διά διαταγμάτων του Αντιβασιλέως, κατόπιν προτάσεως του υπουργού Δικαιοσύνης, μετατίθενται, τοποθετούνται και προάγονται δικαστικοί λειτουργοί διαφόρων βαθμών, ως ακολούθως.

ΑΘΗΝΑΙ, 10.— Διά διαταγμάτων του Αντιβασιλέως, κατόπιν προτάσεως του υπουργού Δικαιοσύνης, μετατίθενται, τοποθετούνται και προάγονται δικαστικοί λειτουργοί διαφόρων βαθμών, ως ακολούθως.

ΠΛΗΡΩΣΙΣ ΤΡΙΩΝ ΚΕΝΩΝ ΘΕΣΕΩΝ ΒΟΗΘΩΝ ΙΑΤΡΩΝ ΕΙΣ ΤΟ ΨΥΧΙΑΤΡΙΚΟΝ ΝΟΣΟΚΟΜΕΙΟΝ ΘΕΣΣΑΛΟΝΙΚΗΣ

Το διοικητικόν συμβούλιον του Ψυχιατρικού Νοσοκομείου Θεσσαλονίκης προκηρύσσει την πλήρωσιν τριών κενών θέσεων βοηθών ιατρών, συμφώνως προς τας διατάξεις του Ν.Δ. 2592/1953.

Το διοικητικόν συμβούλιον του Ψυχιατρικού Νοσοκομείου Θεσσαλονίκης προκηρύσσει την πλήρωσιν τριών κενών θέσεων βοηθών ιατρών, συμφώνως προς τας διατάξεις του Ν.Δ. 2592/1953.

Το διοικητικόν συμβούλιον του Ψυχιατρικού Νοσοκομείου Θεσσαλονίκης προκηρύσσει την πλήρωσιν τριών κενών θέσεων βοηθών ιατρών, συμφώνως προς τας διατάξεις του Ν.Δ. 2592/1953.
